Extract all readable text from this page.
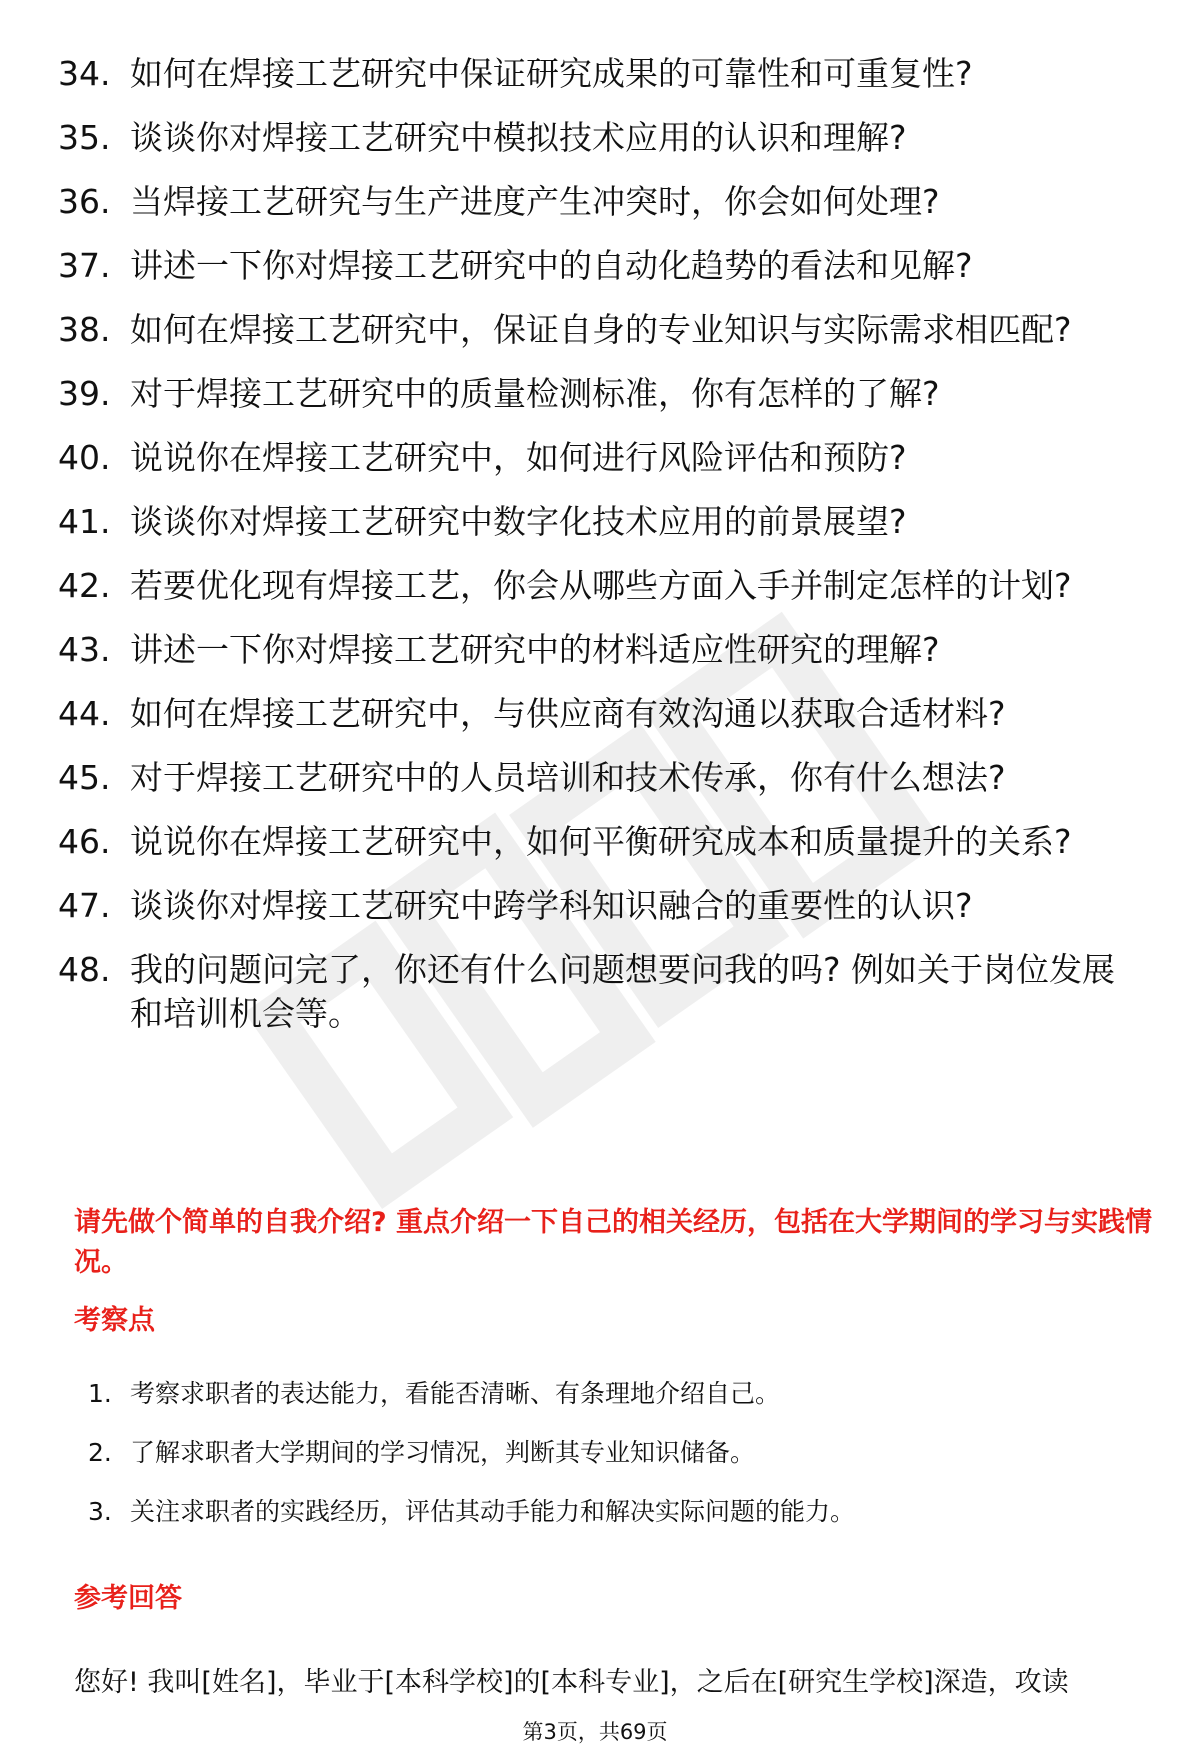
34. 如何在焊接工艺研究中保证研究成果的可靠性和可重复性?
35. 谈谈你对焊接工艺研究中模拟技术应用的认识和理解?
36. 当焊接工艺研究与生产进度产生冲突时，你会如何处理?
37. 讲述一下你对焊接工艺研究中的自动化趋势的看法和见解?
38. 如何在焊接工艺研究中，保证自身的专业知识与实际需求相匹配?
39. 对于焊接工艺研究中的质量检测标准，你有怎样的了解?
40. 说说你在焊接工艺研究中，如何进行风险评估和预防?
41. 谈谈你对焊接工艺研究中数字化技术应用的前景展望?
42. 若要优化现有焊接工艺，你会从哪些方面入手并制定怎样的计划?
43. 讲述一下你对焊接工艺研究中的材料适应性研究的理解?
44. 如何在焊接工艺研究中，与供应商有效沟通以获取合适材料?
45. 对于焊接工艺研究中的人员培训和技术传承，你有什么想法?
46. 说说你在焊接工艺研究中，如何平衡研究成本和质量提升的关系?
47. 谈谈你对焊接工艺研究中跨学科知识融合的重要性的认识?
48. 我的问题问完了，你还有什么问题想要问我的吗? 例如关于岗位发展和培训机会等。
请先做个简单的自我介绍? 重点介绍一下自己的相关经历，包括在大学期间的学习与实践情况。
考察点
1. 考察求职者的表达能力，看能否清晰、有条理地介绍自己。
2. 了解求职者大学期间的学习情况，判断其专业知识储备。
3. 关注求职者的实践经历，评估其动手能力和解决实际问题的能力。
参考回答
您好! 我叫[姓名]，毕业于[本科学校]的[本科专业]，之后在[研究生学校]深造，攻读
第3页，共69页
